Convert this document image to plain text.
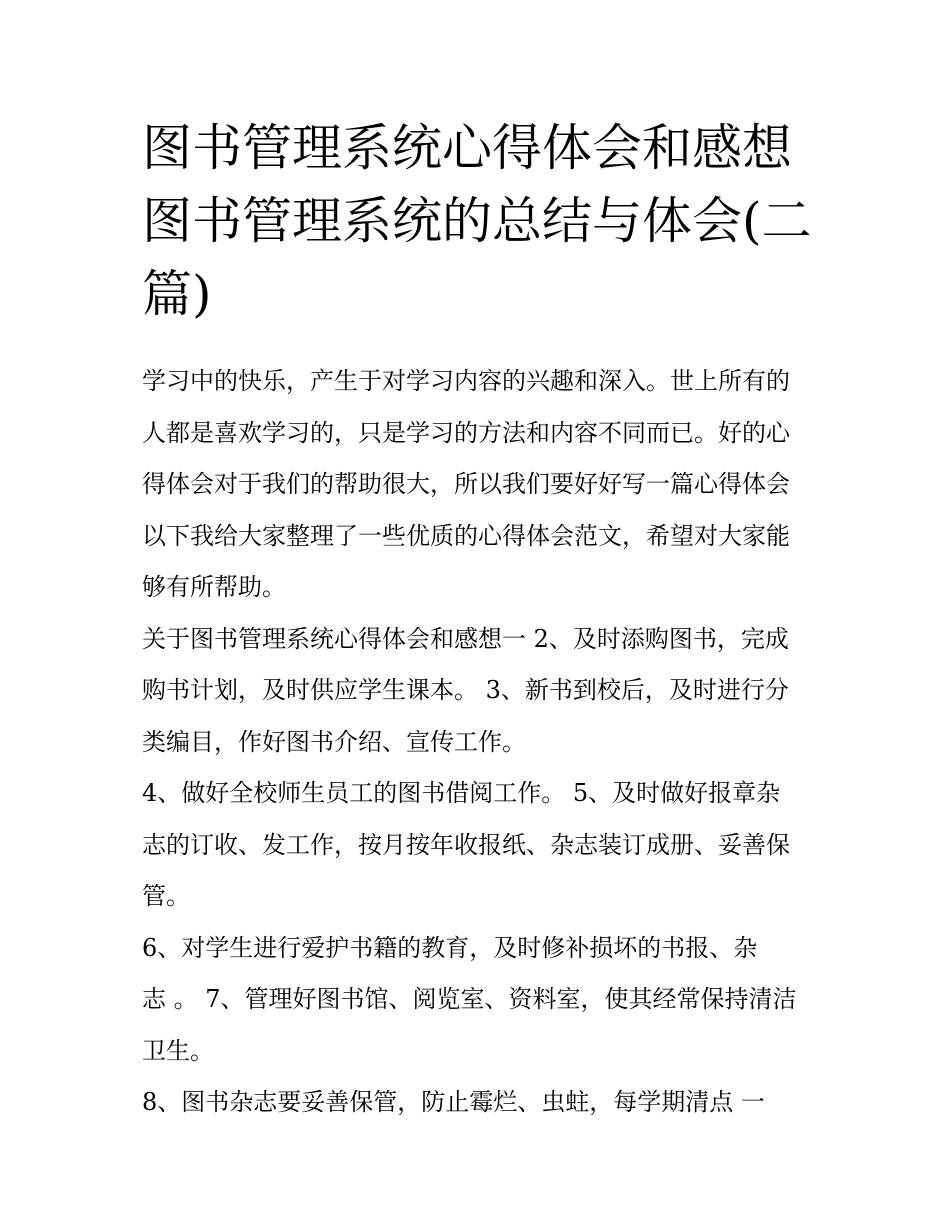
图书管理系统心得体会和感想
图书管理系统的总结与体会(二
篇)
学习中的快乐，产生于对学习内容的兴趣和深入。世上所有的
人都是喜欢学习的，只是学习的方法和内容不同而已。好的心
得体会对于我们的帮助很大，所以我们要好好写一篇心得体会
以下我给大家整理了一些优质的心得体会范文，希望对大家能
够有所帮助。
关于图书管理系统心得体会和感想一 2、及时添购图书，完成
购书计划，及时供应学生课本。 3、新书到校后，及时进行分
类编目，作好图书介绍、宣传工作。
4、做好全校师生员工的图书借阅工作。 5、及时做好报章杂
志的订收、发工作，按月按年收报纸、杂志装订成册、妥善保
管。
6、对学生进行爱护书籍的教育，及时修补损坏的书报、杂
志 。 7、管理好图书馆、阅览室、资料室，使其经常保持清洁
卫生。
8、图书杂志要妥善保管，防止霉烂、虫蛀，每学期清点 一
